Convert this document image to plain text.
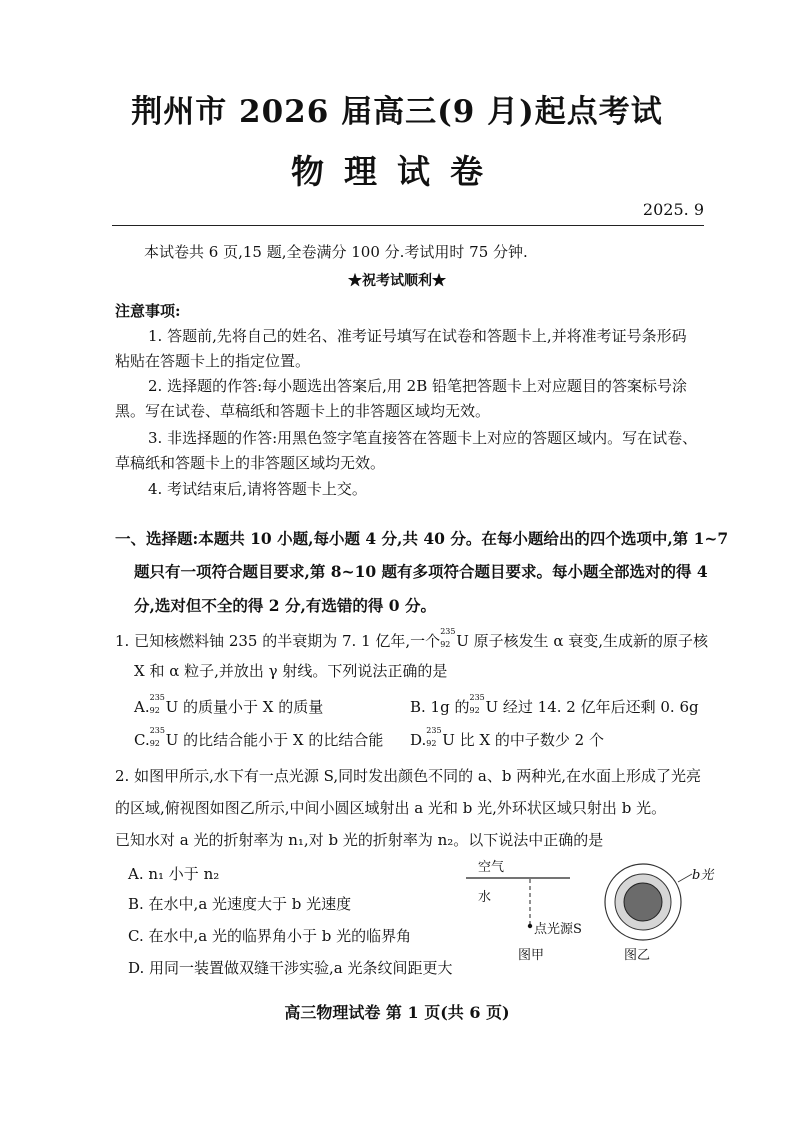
荆州市 2026 届高三(9 月)起点考试
物理试卷
2025. 9
本试卷共 6 页,15 题,全卷满分 100 分.考试用时 75 分钟.
★祝考试顺利★
注意事项:
1. 答题前,先将自己的姓名、准考证号填写在试卷和答题卡上,并将准考证号条形码
粘贴在答题卡上的指定位置。
2. 选择题的作答:每小题选出答案后,用 2B 铅笔把答题卡上对应题目的答案标号涂
黑。写在试卷、草稿纸和答题卡上的非答题区域均无效。
3. 非选择题的作答:用黑色签字笔直接答在答题卡上对应的答题区域内。写在试卷、
草稿纸和答题卡上的非答题区域均无效。
4. 考试结束后,请将答题卡上交。
一、选择题:本题共 10 小题,每小题 4 分,共 40 分。在每小题给出的四个选项中,第 1~7
题只有一项符合题目要求,第 8~10 题有多项符合题目要求。每小题全部选对的得 4
分,选对但不全的得 2 分,有选错的得 0 分。
1. 已知核燃料铀 235 的半衰期为 7. 1 亿年,一个
235
92 U 原子核发生 α 衰变,生成新的原子核
X 和 α 粒子,并放出 γ 射线。下列说法正确的是
A.
235
92 U 的质量小于 X 的质量	B. 1g 的
235
92 U 经过 14. 2 亿年后还剩 0. 6g
C.
235
92 U 的比结合能小于 X 的比结合能 D.
235
92 U 比 X 的中子数少 2 个
2. 如图甲所示,水下有一点光源 S,同时发出颜色不同的 a、b 两种光,在水面上形成了光亮
的区域,俯视图如图乙所示,中间小圆区域射出 a 光和 b 光,外环状区域只射出 b 光。
已知水对 a 光的折射率为 n₁,对 b 光的折射率为 n₂。以下说法中正确的是
A. n₁ 小于 n₂
B. 在水中,a 光速度大于 b 光速度
C. 在水中,a 光的临界角小于 b 光的临界角
D. 用同一装置做双缝干涉实验,a 光条纹间距更大
空气
水
点光源S
图甲	图乙
b光
高三物理试卷 第 1 页(共 6 页)
